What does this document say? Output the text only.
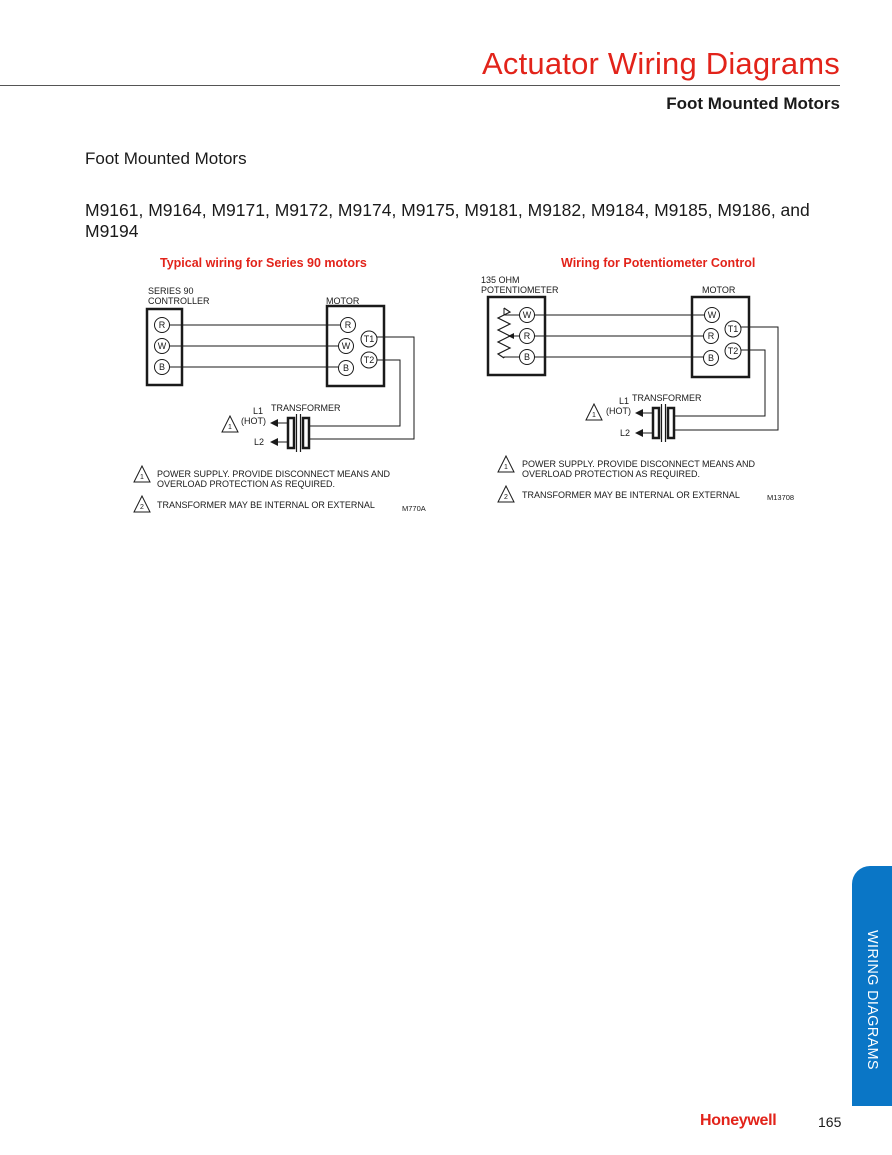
Actuator Wiring Diagrams
Foot Mounted Motors
Foot Mounted Motors
M9161, M9164, M9171, M9172, M9174, M9175, M9181, M9182, M9184, M9185, M9186, and M9194
Typical wiring for Series 90 motors
SERIES 90
CONTROLLER	MOTOR
R
W
B
R
W
B
T1
T2
TRANSFORMER
L1
(HOT)
L2
1
1 POWER SUPPLY. PROVIDE DISCONNECT MEANS AND
OVERLOAD PROTECTION AS REQUIRED.
2 TRANSFORMER MAY BE INTERNAL OR EXTERNAL	M770A
Wiring for Potentiometer Control
135 OHM
POTENTIOMETER	MOTOR
W
R
B
W
R
B
T1
T2
TRANSFORMER
L1
(HOT)
L2
1
1 POWER SUPPLY. PROVIDE DISCONNECT MEANS AND
OVERLOAD PROTECTION AS REQUIRED.
2 TRANSFORMER MAY BE INTERNAL OR EXTERNAL	M13708
WIRING DIAGRAMS
Honeywell	165
